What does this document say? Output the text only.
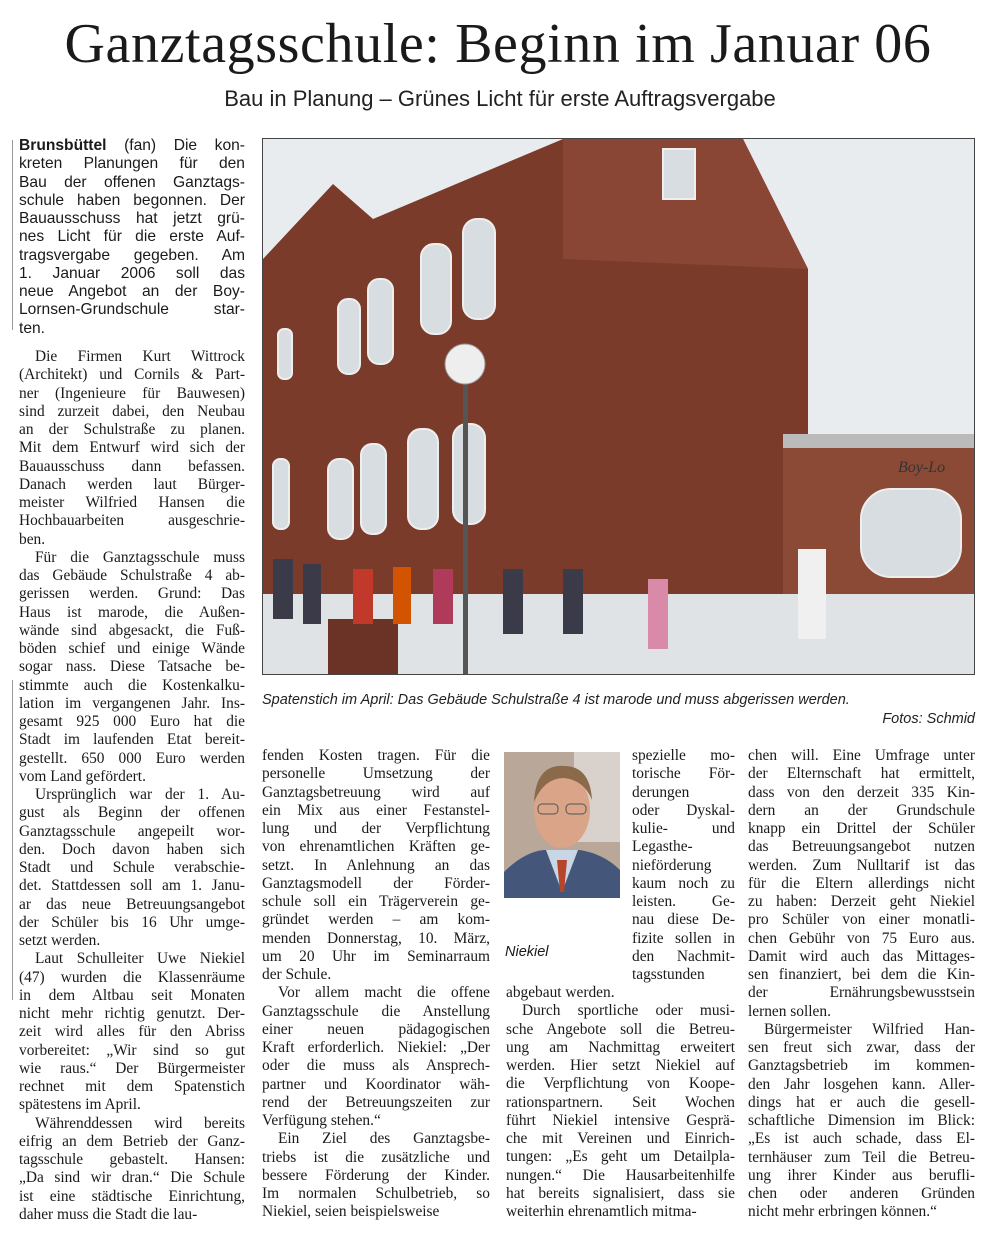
Ganztagsschule: Beginn im Januar 06
Bau in Planung – Grünes Licht für erste Auftragsvergabe
Brunsbüttel (fan) Die kon-
kreten Planungen für den
Bau der offenen Ganztags-
schule haben begonnen. Der
Bauausschuss hat jetzt grü-
nes Licht für die erste Auf-
tragsvergabe gegeben. Am
1. Januar 2006 soll das
neue Angebot an der Boy-
Lornsen-Grundschule star-
ten.
Die Firmen Kurt Wittrock
(Architekt) und Cornils & Part-
ner (Ingenieure für Bauwesen)
sind zurzeit dabei, den Neubau
an der Schulstraße zu planen.
Mit dem Entwurf wird sich der
Bauausschuss dann befassen.
Danach werden laut Bürger-
meister Wilfried Hansen die
Hochbauarbeiten ausgeschrie-
ben.
Für die Ganztagsschule muss
das Gebäude Schulstraße 4 ab-
gerissen werden. Grund: Das
Haus ist marode, die Außen-
wände sind abgesackt, die Fuß-
böden schief und einige Wände
sogar nass. Diese Tatsache be-
stimmte auch die Kostenkalku-
lation im vergangenen Jahr. Ins-
gesamt 925 000 Euro hat die
Stadt im laufenden Etat bereit-
gestellt. 650 000 Euro werden
vom Land gefördert.
Ursprünglich war der 1. Au-
gust als Beginn der offenen
Ganztagsschule angepeilt wor-
den. Doch davon haben sich
Stadt und Schule verabschie-
det. Stattdessen soll am 1. Janu-
ar das neue Betreuungsangebot
der Schüler bis 16 Uhr umge-
setzt werden.
Laut Schulleiter Uwe Niekiel
(47) wurden die Klassenräume
in dem Altbau seit Monaten
nicht mehr richtig genutzt. Der-
zeit wird alles für den Abriss
vorbereitet: „Wir sind so gut
wie raus.“ Der Bürgermeister
rechnet mit dem Spatenstich
spätestens im April.
Währenddessen wird bereits
eifrig an dem Betrieb der Ganz-
tagsschule gebastelt. Hansen:
„Da sind wir dran.“ Die Schule
ist eine städtische Einrichtung,
daher muss die Stadt die lau-
Boy-Lo
Spatenstich im April: Das Gebäude Schulstraße 4 ist marode und muss abgerissen werden.
Fotos: Schmid
fenden Kosten tragen. Für die
personelle Umsetzung der
Ganztagsbetreuung wird auf
ein Mix aus einer Festanstel-
lung und der Verpflichtung
von ehrenamtlichen Kräften ge-
setzt. In Anlehnung an das
Ganztagsmodell der Förder-
schule soll ein Trägerverein ge-
gründet werden – am kom-
menden Donnerstag, 10. März,
um 20 Uhr im Seminarraum
der Schule.
Vor allem macht die offene
Ganztagsschule die Anstellung
einer neuen pädagogischen
Kraft erforderlich. Niekiel: „Der
oder die muss als Ansprech-
partner und Koordinator wäh-
rend der Betreuungszeiten zur
Verfügung stehen.“
Ein Ziel des Ganztagsbe-
triebs ist die zusätzliche und
bessere Förderung der Kinder.
Im normalen Schulbetrieb, so
Niekiel, seien beispielsweise
Niekiel
spezielle mo-
torische För-
derungen
oder Dyskal-
kulie- und
Legasthe-
nieförderung
kaum noch zu
leisten. Ge-
nau diese De-
fizite sollen in
den Nachmit-
tagsstunden
abgebaut werden.
Durch sportliche oder musi-
sche Angebote soll die Betreu-
ung am Nachmittag erweitert
werden. Hier setzt Niekiel auf
die Verpflichtung von Koope-
rationspartnern. Seit Wochen
führt Niekiel intensive Gesprä-
che mit Vereinen und Einrich-
tungen: „Es geht um Detailpla-
nungen.“ Die Hausarbeitenhilfe
hat bereits signalisiert, dass sie
weiterhin ehrenamtlich mitma-
chen will. Eine Umfrage unter
der Elternschaft hat ermittelt,
dass von den derzeit 335 Kin-
dern an der Grundschule
knapp ein Drittel der Schüler
das Betreuungsangebot nutzen
werden. Zum Nulltarif ist das
für die Eltern allerdings nicht
zu haben: Derzeit geht Niekiel
pro Schüler von einer monatli-
chen Gebühr von 75 Euro aus.
Damit wird auch das Mittages-
sen finanziert, bei dem die Kin-
der Ernährungsbewusstsein
lernen sollen.
Bürgermeister Wilfried Han-
sen freut sich zwar, dass der
Ganztagsbetrieb im kommen-
den Jahr losgehen kann. Aller-
dings hat er auch die gesell-
schaftliche Dimension im Blick:
„Es ist auch schade, dass El-
ternhäuser zum Teil die Betreu-
ung ihrer Kinder aus berufli-
chen oder anderen Gründen
nicht mehr erbringen können.“
